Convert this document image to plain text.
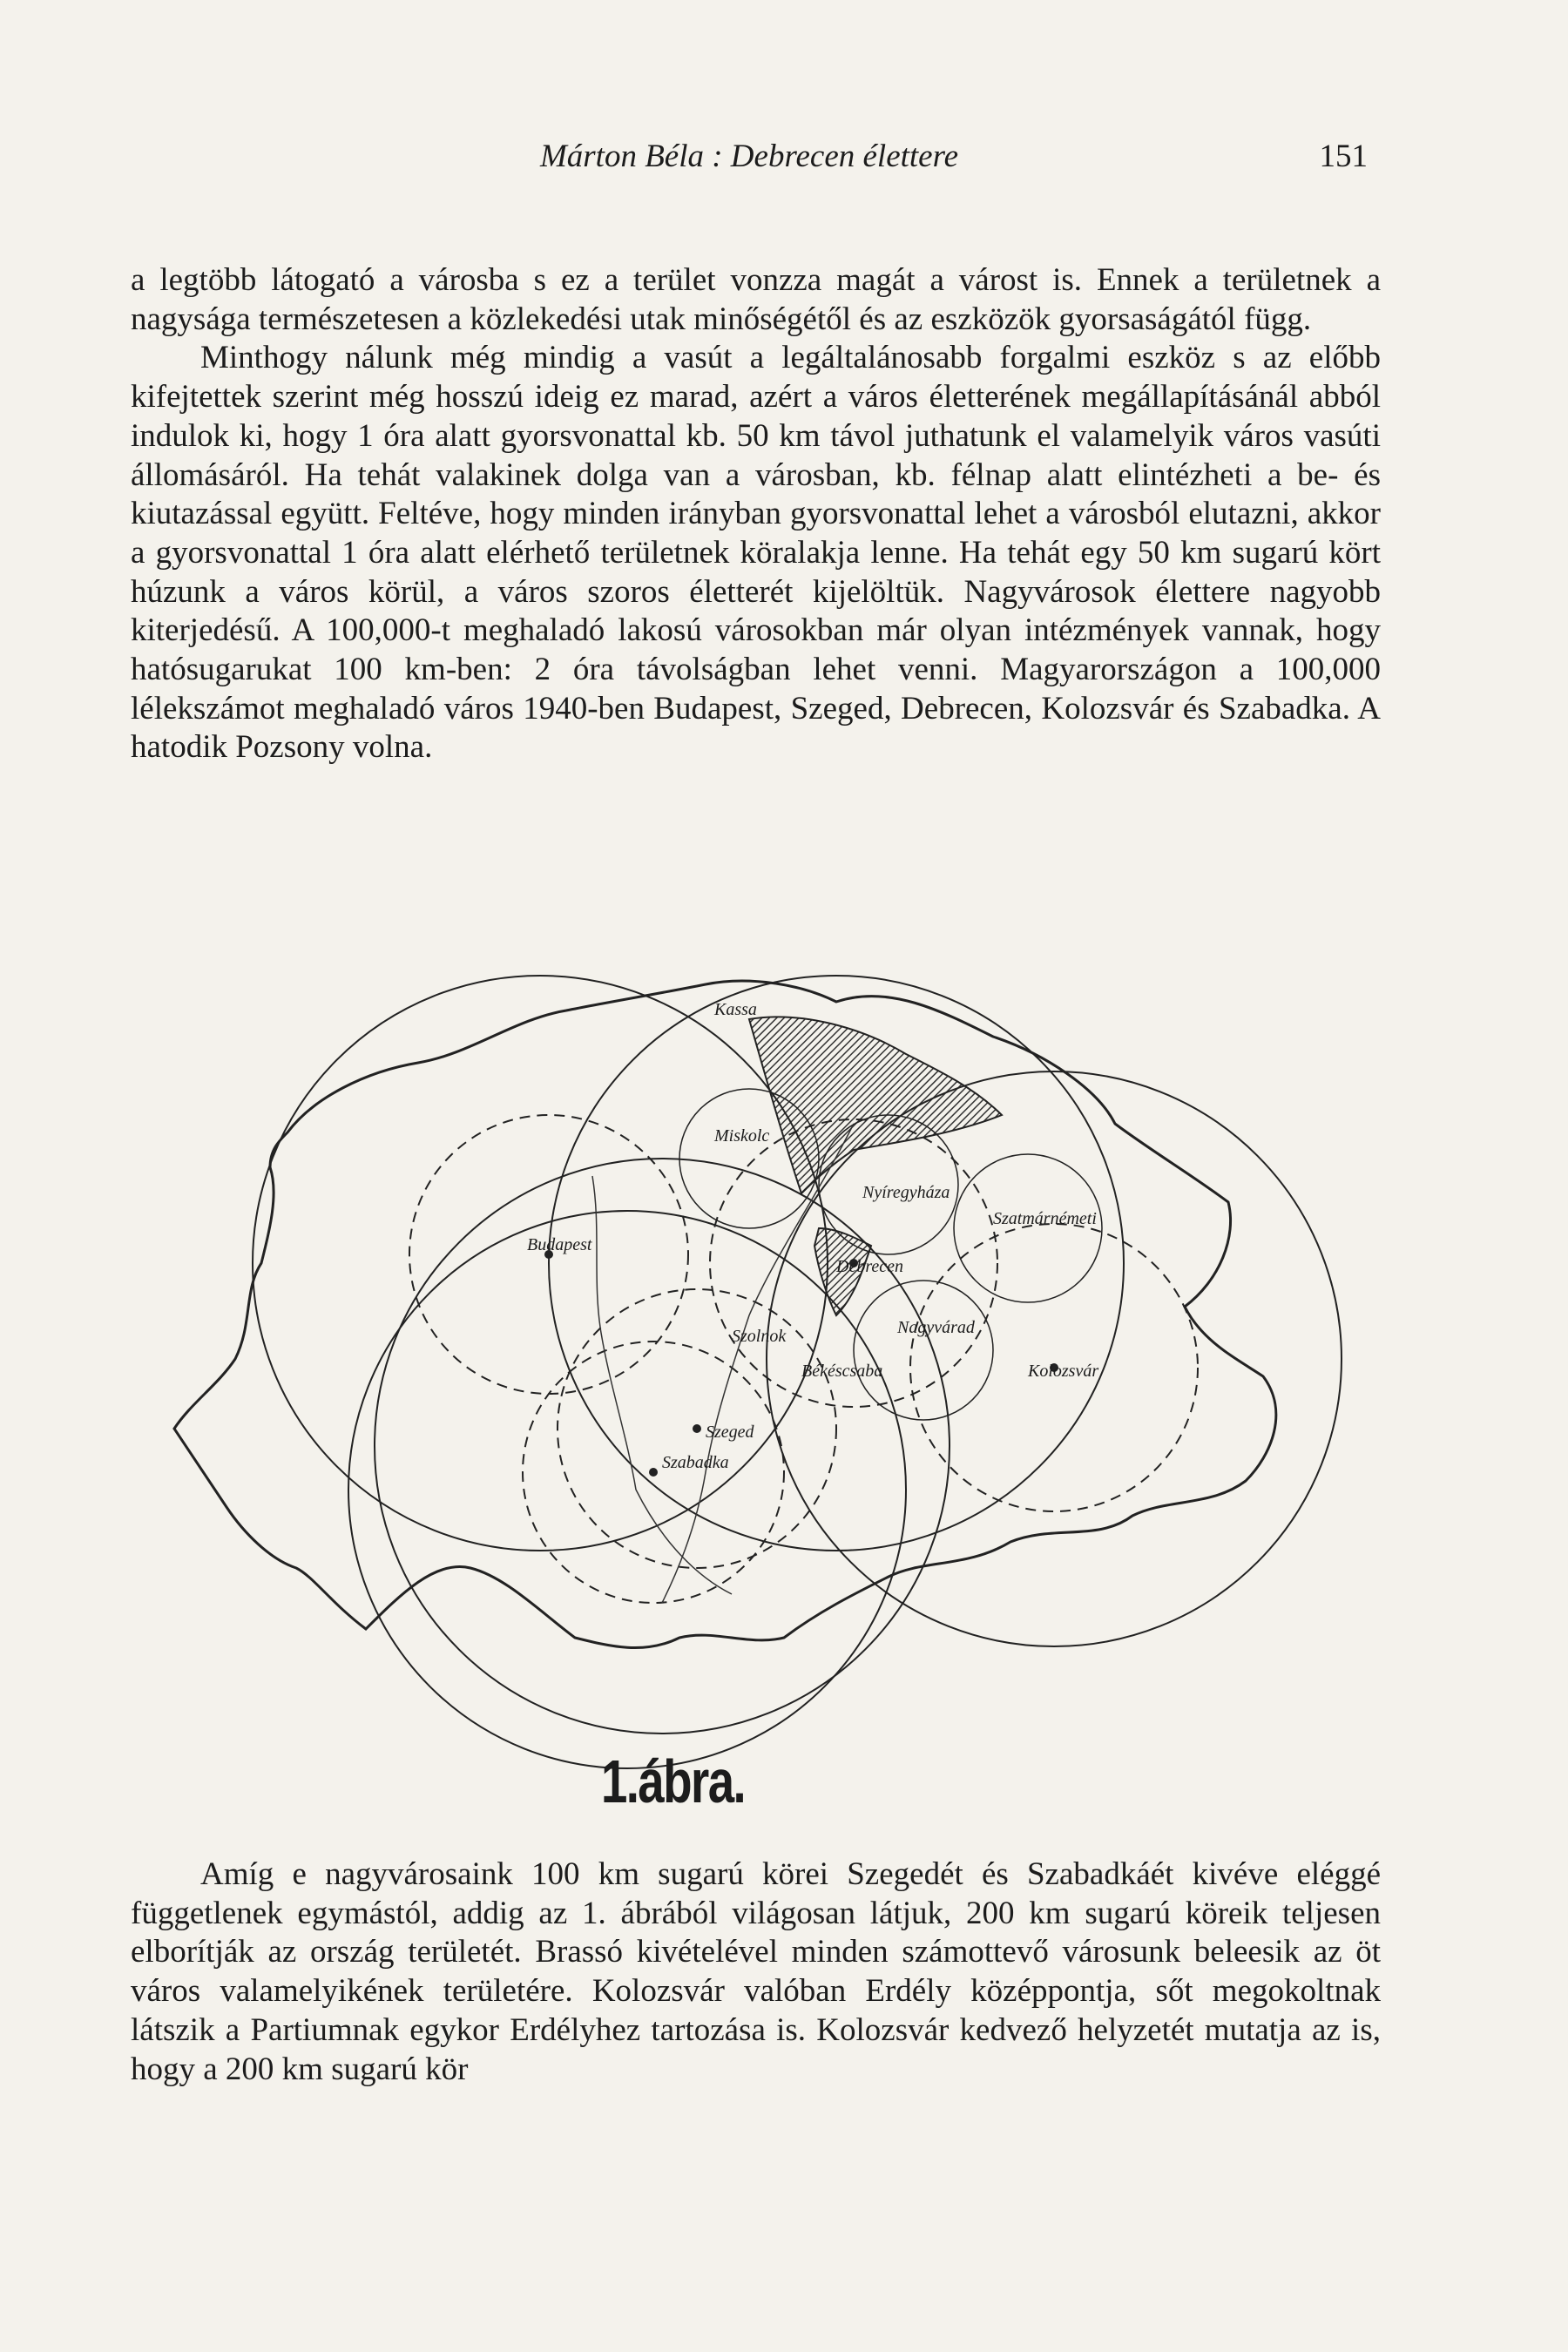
Márton Béla : Debrecen élettere	151

a legtöbb látogató a városba s ez a terület vonzza magát a várost is. Ennek a területnek a nagysága természetesen a közlekedési utak minőségétől és az eszközök gyorsaságától függ.

Minthogy nálunk még mindig a vasút a legáltalánosabb forgalmi eszköz s az előbb kifejtettek szerint még hosszú ideig ez marad, azért a város életterének megállapításánál abból indulok ki, hogy 1 óra alatt gyorsvonattal kb. 50 km távol juthatunk el valamelyik város vasúti állomásáról. Ha tehát valakinek dolga van a városban, kb. félnap alatt elintézheti a be- és kiutazással együtt. Feltéve, hogy minden irányban gyorsvonattal lehet a városból elutazni, akkor a gyorsvonattal 1 óra alatt elérhető területnek köralakja lenne. Ha tehát egy 50 km sugarú kört húzunk a város körül, a város szoros életterét kijelöltük. Nagyvárosok élettere nagyobb kiterjedésű. A 100,000-t meghaladó lakosú városokban már olyan intézmények vannak, hogy hatósugarukat 100 km-ben: 2 óra távolságban lehet venni. Magyarországon a 100,000 lélekszámot meghaladó város 1940-ben Budapest, Szeged, Debrecen, Kolozsvár és Szabadka. A hatodik Pozsony volna.

Kassa
Miskolc
Budapest
Nyíregyháza
Szatmárnémeti
Debrecen
Nagyvárad
Kolozsvár
Szolnok
Békéscsaba
Szeged
Szabadka
1.ábra.

Amíg e nagyvárosaink 100 km sugarú körei Szegedét és Szabadkáét kivéve eléggé függetlenek egymástól, addig az 1. ábrából világosan látjuk, 200 km sugarú köreik teljesen elborítják az ország területét. Brassó kivételével minden számottevő városunk beleesik az öt város valamelyikének területére. Kolozsvár valóban Erdély középpontja, sőt megokoltnak látszik a Partiumnak egykor Erdélyhez tartozása is. Kolozsvár kedvező helyzetét mutatja az is, hogy a 200 km sugarú kör
